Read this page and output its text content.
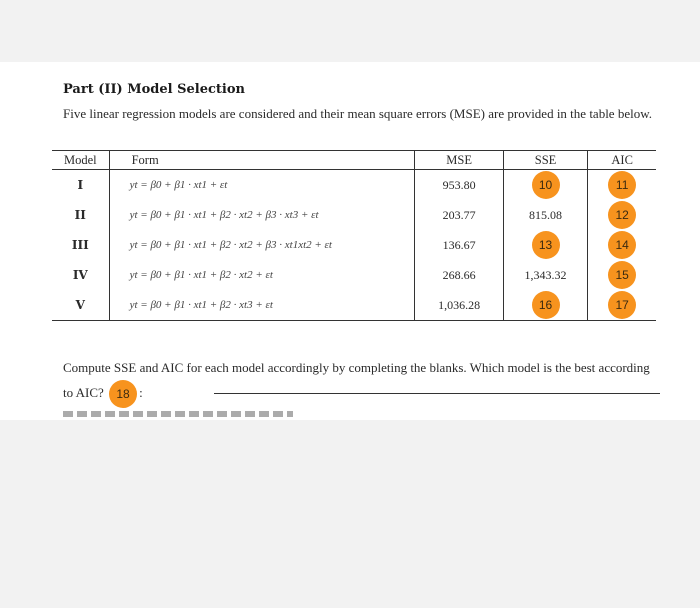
Part (II) Model Selection
Five linear regression models are considered and their mean square errors (MSE) are provided in the table below.
Model	Form	MSE	SSE	AIC
I	yt = β0 + β1 · xt1 + εt	953.80	10	11
II	yt = β0 + β1 · xt1 + β2 · xt2 + β3 · xt3 + εt	203.77	815.08	12
III	yt = β0 + β1 · xt1 + β2 · xt2 + β3 · xt1xt2 + εt	136.67	13	14
IV	yt = β0 + β1 · xt1 + β2 · xt2 + εt	268.66	1,343.32	15
V	yt = β0 + β1 · xt1 + β2 · xt3 + εt	1,036.28	16	17
Compute SSE and AIC for each model accordingly by completing the blanks. Which model is the best according to AIC? 18 :
